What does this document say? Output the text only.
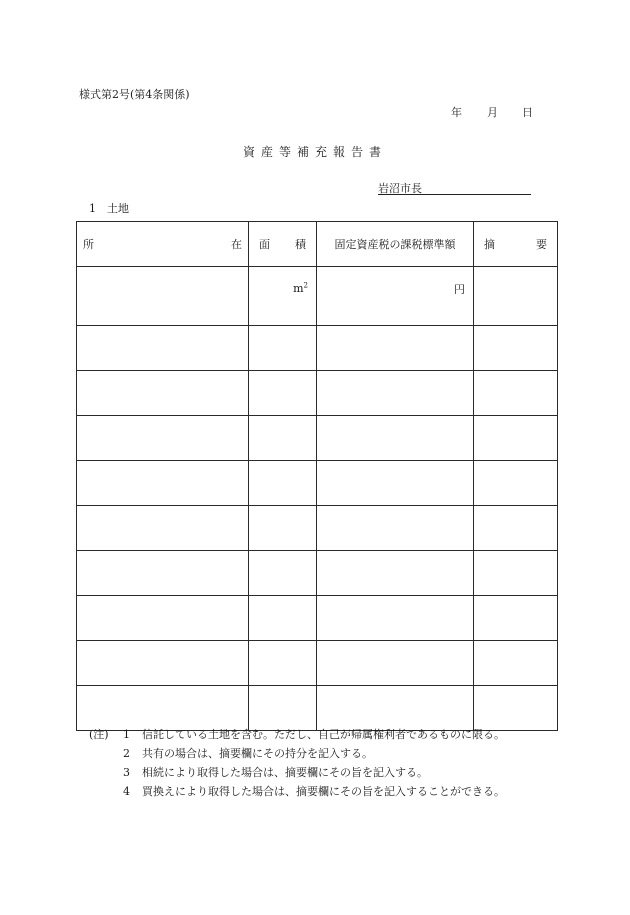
様式第2号(第4条関係)
年 月 日
資産等補充報告書
岩沼市長
1　土地
所 在	面 積	固定資産税の課税標準額	摘 要

	$m^2$	円	

(注)	1	信託している土地を含む。ただし、自己が帰属権利者であるものに限る。
2	共有の場合は、摘要欄にその持分を記入する。
3	相続により取得した場合は、摘要欄にその旨を記入する。
4	買換えにより取得した場合は、摘要欄にその旨を記入することができる。
